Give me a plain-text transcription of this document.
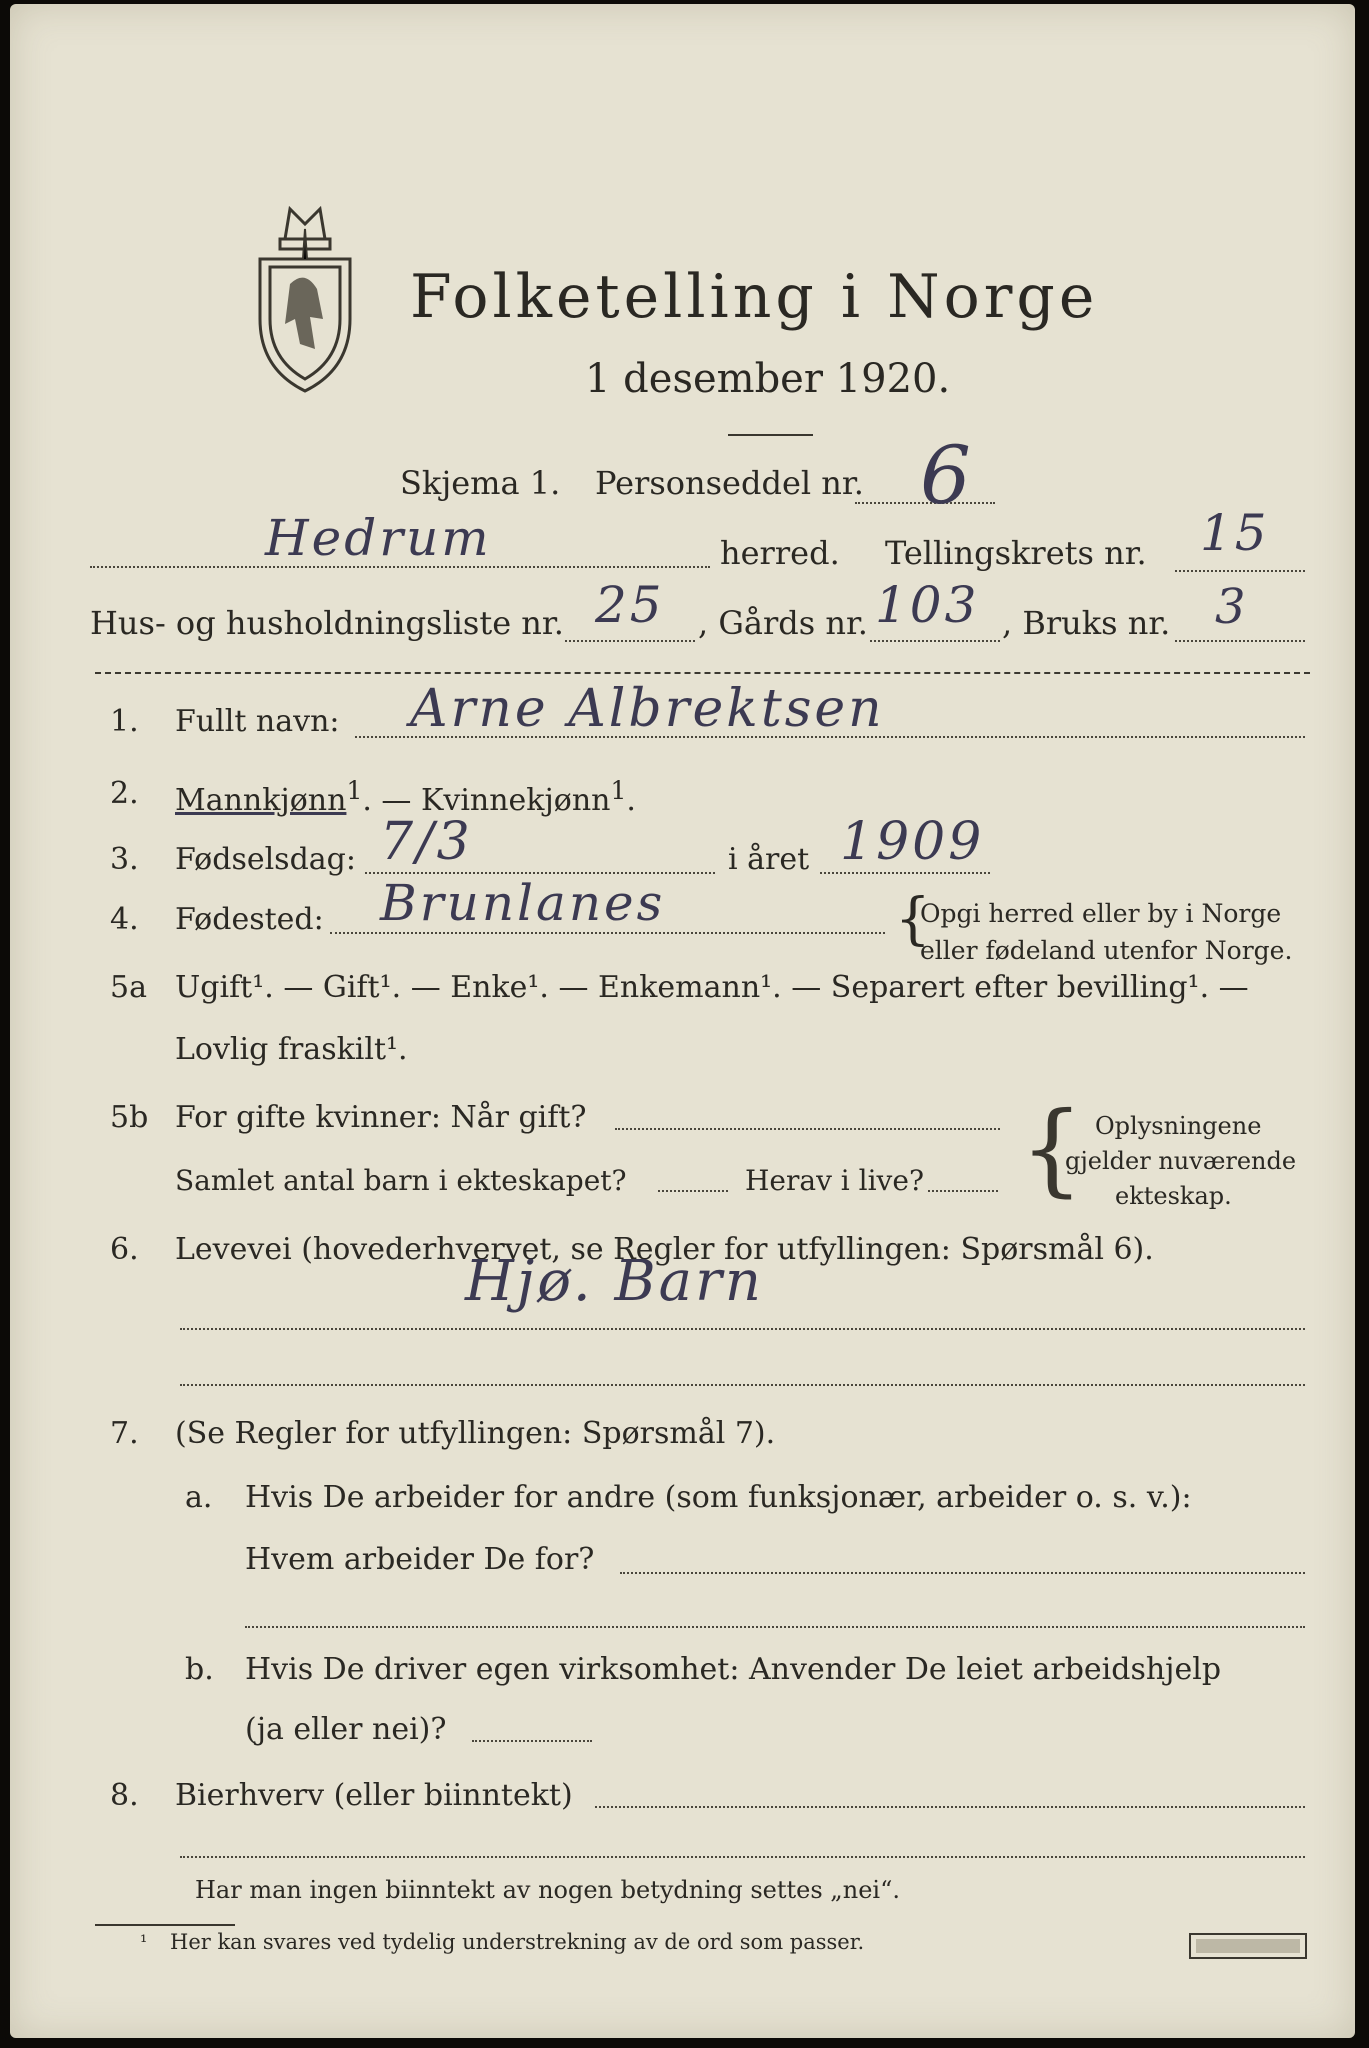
Folketelling i Norge
1 desember 1920.
Skjema 1. Personseddel nr. 6
Hedrum	herred. Tellingskrets nr. 15
Hus- og husholdningsliste nr. 25 , Gårds nr. 103 , Bruks nr. 3
1. Fullt navn: Arne Albrektsen
2. Mannkjønn$^1$. — Kvinnekjønn$^1$.
3. Fødselsdag: 7/3	i året 1909
4. Fødested: Brunlanes	{
Opgi herred eller by i Norge
eller fødeland utenfor Norge.
5a Ugift¹. — Gift¹. — Enke¹. — Enkemann¹. — Separert efter bevilling¹. —
Lovlig fraskilt¹.
5b For gifte kvinner: Når gift?
Samlet antal barn i ekteskapet?	Herav i live? { Oplysningene
gjelder nuværende
ekteskap.
6. Levevei (hovederhvervet, se Regler for utfyllingen: Spørsmål 6).
Hjø. Barn
7. (Se Regler for utfyllingen: Spørsmål 7).
a. Hvis De arbeider for andre (som funksjonær, arbeider o. s. v.):
Hvem arbeider De for?
b. Hvis De driver egen virksomhet: Anvender De leiet arbeidshjelp
(ja eller nei)?
8. Bierhverv (eller biinntekt)
Har man ingen biinntekt av nogen betydning settes „nei“.
¹ Her kan svares ved tydelig understrekning av de ord som passer.
